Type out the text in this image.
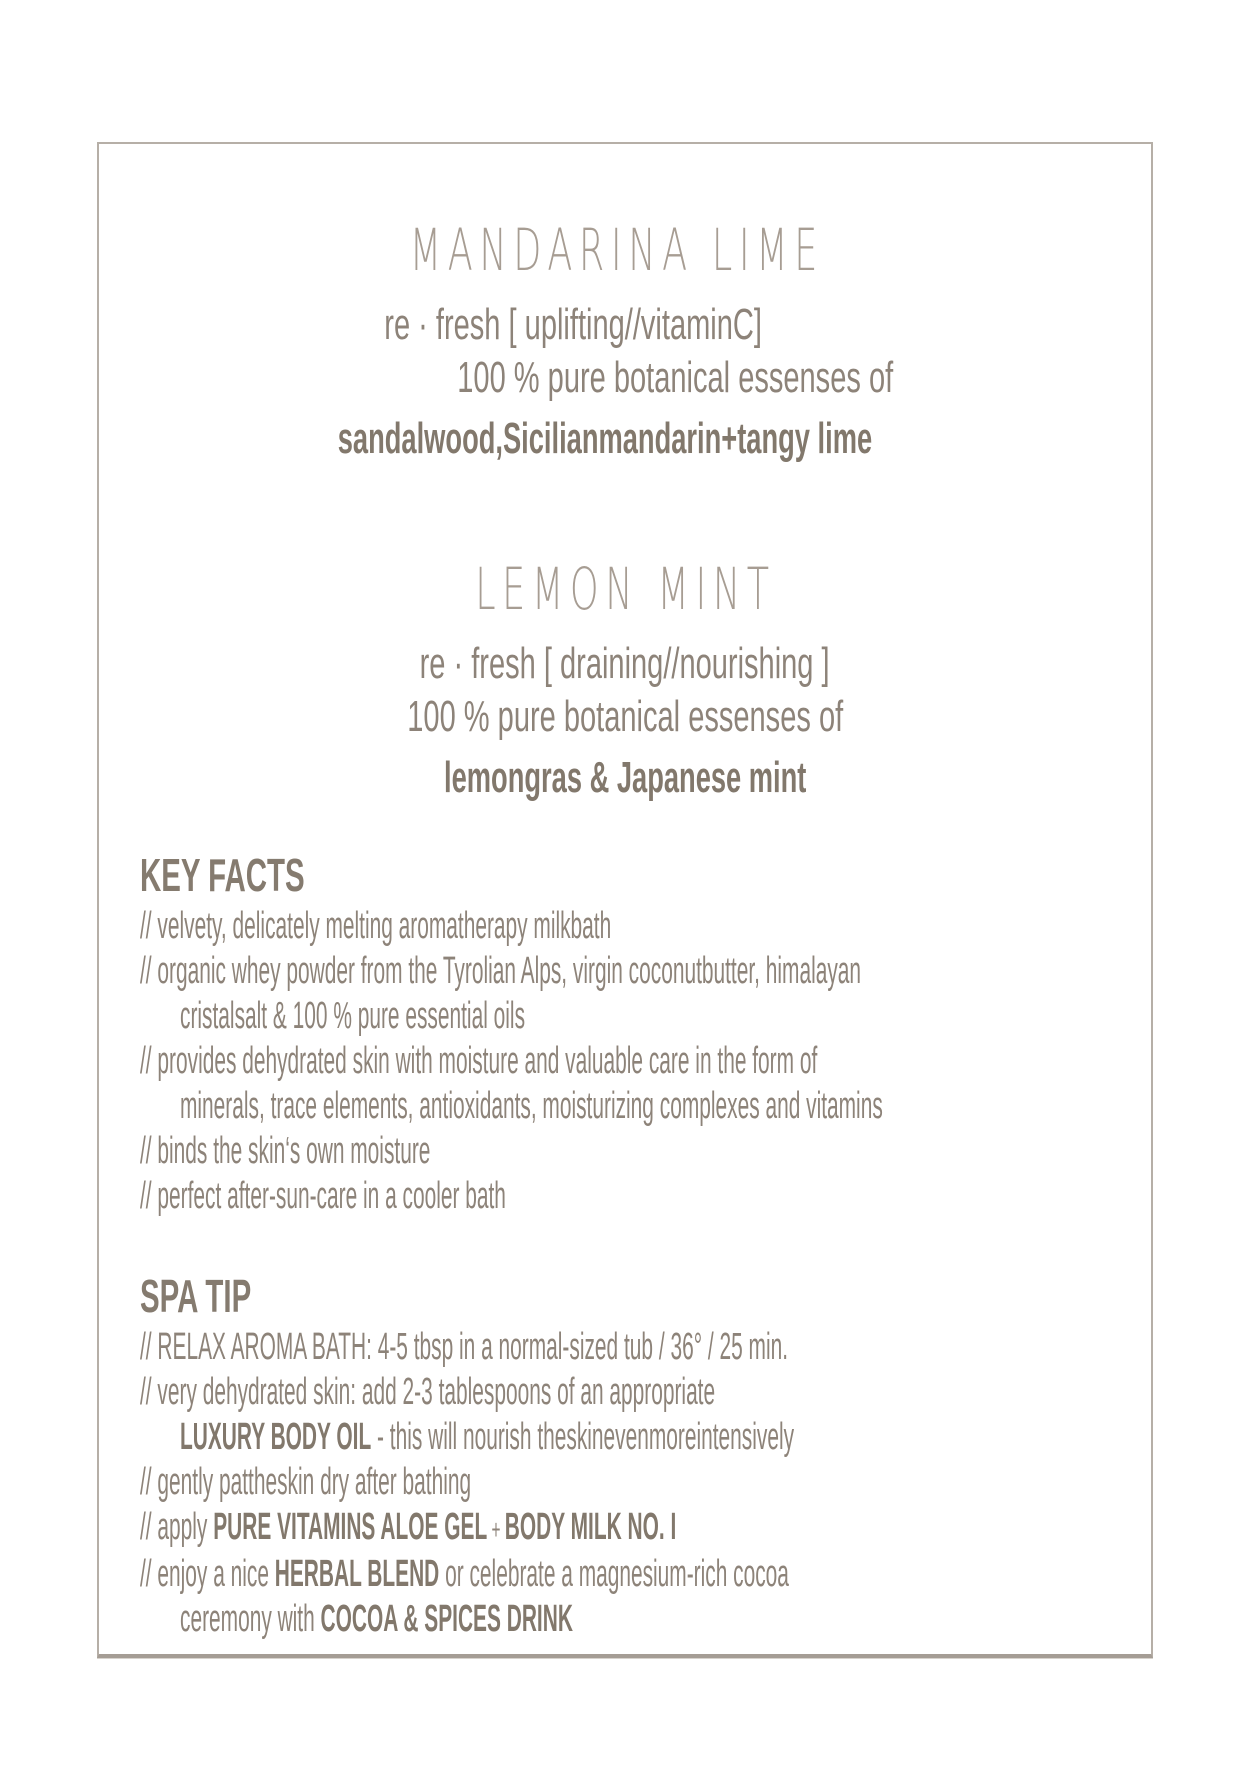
MANDARINA LIME
re · fresh [ uplifting//vitaminC]
100 % pure botanical essenses of
sandalwood,Sicilianmandarin+tangy lime
LEMON MINT
re · fresh [ draining//nourishing ]
100 % pure botanical essenses of
lemongras & Japanese mint
KEY FACTS
// velvety, delicately melting aromatherapy milkbath
// organic whey powder from the Tyrolian Alps, virgin coconutbutter, himalayan
cristalsalt & 100 % pure essential oils
// provides dehydrated skin with moisture and valuable care in the form of
minerals, trace elements, antioxidants, moisturizing complexes and vitamins
// binds the skin‘s own moisture
// perfect after-sun-care in a cooler bath
SPA TIP
// RELAX AROMA BATH: 4-5 tbsp in a normal-sized tub / 36° / 25 min.
// very dehydrated skin: add 2-3 tablespoons of an appropriate
LUXURY BODY OIL - this will nourish theskinevenmoreintensively
// gently pattheskin dry after bathing
// apply PURE VITAMINS ALOE GEL + BODY MILK NO. I
// enjoy a nice HERBAL BLEND or celebrate a magnesium-rich cocoa
ceremony with COCOA & SPICES DRINK
